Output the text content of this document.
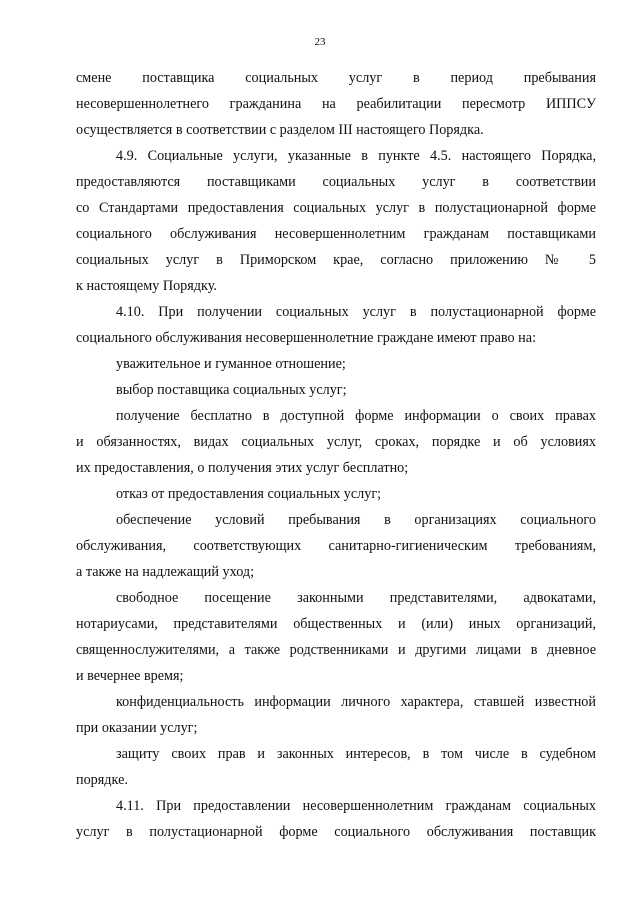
23
смене поставщика социальных услуг в период пребывания
несовершеннолетнего гражданина на реабилитации пересмотр ИППСУ
осуществляется в соответствии с разделом III настоящего Порядка.
4.9. Социальные услуги, указанные в пункте 4.5. настоящего Порядка,
предоставляются поставщиками социальных услуг в соответствии
со Стандартами предоставления социальных услуг в полустационарной форме
социального обслуживания несовершеннолетним гражданам поставщиками
социальных услуг в Приморском крае, согласно приложению № 5
к настоящему Порядку.
4.10. При получении социальных услуг в полустационарной форме
социального обслуживания несовершеннолетние граждане имеют право на:
уважительное и гуманное отношение;
выбор поставщика социальных услуг;
получение бесплатно в доступной форме информации о своих правах
и обязанностях, видах социальных услуг, сроках, порядке и об условиях
их предоставления, о получения этих услуг бесплатно;
отказ от предоставления социальных услуг;
обеспечение условий пребывания в организациях социального
обслуживания, соответствующих санитарно-гигиеническим требованиям,
а также на надлежащий уход;
свободное посещение законными представителями, адвокатами,
нотариусами, представителями общественных и (или) иных организаций,
священнослужителями, а также родственниками и другими лицами в дневное
и вечернее время;
конфиденциальность информации личного характера, ставшей известной
при оказании услуг;
защиту своих прав и законных интересов, в том числе в судебном
порядке.
4.11. При предоставлении несовершеннолетним гражданам социальных
услуг в полустационарной форме социального обслуживания поставщик
